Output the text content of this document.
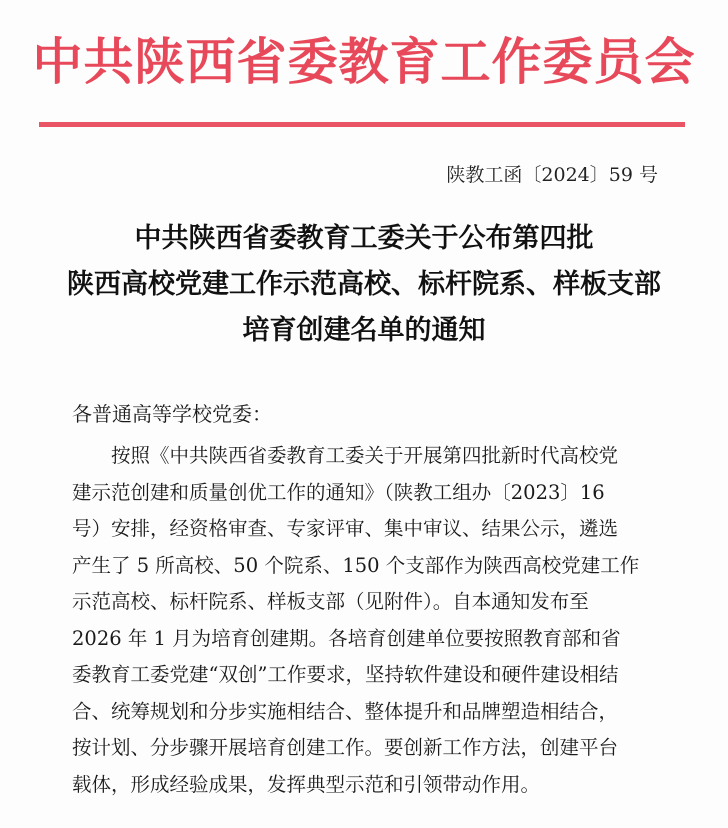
中共陕西省委教育工作委员会
陕教工函〔2024〕59 号
中共陕西省委教育工委关于公布第四批
陕西高校党建工作示范高校、标杆院系、样板支部
培育创建名单的通知
各普通高等学校党委：
按照《中共陕西省委教育工委关于开展第四批新时代高校党
建示范创建和质量创优工作的通知》（陕教工组办〔2023〕16
号）安排，经资格审查、专家评审、集中审议、结果公示，遴选
产生了 5 所高校、50 个院系、150 个支部作为陕西高校党建工作
示范高校、标杆院系、样板支部（见附件）。自本通知发布至
2026 年 1 月为培育创建期。各培育创建单位要按照教育部和省
委教育工委党建“双创”工作要求，坚持软件建设和硬件建设相结
合、统筹规划和分步实施相结合、整体提升和品牌塑造相结合，
按计划、分步骤开展培育创建工作。要创新工作方法，创建平台
载体，形成经验成果，发挥典型示范和引领带动作用。
